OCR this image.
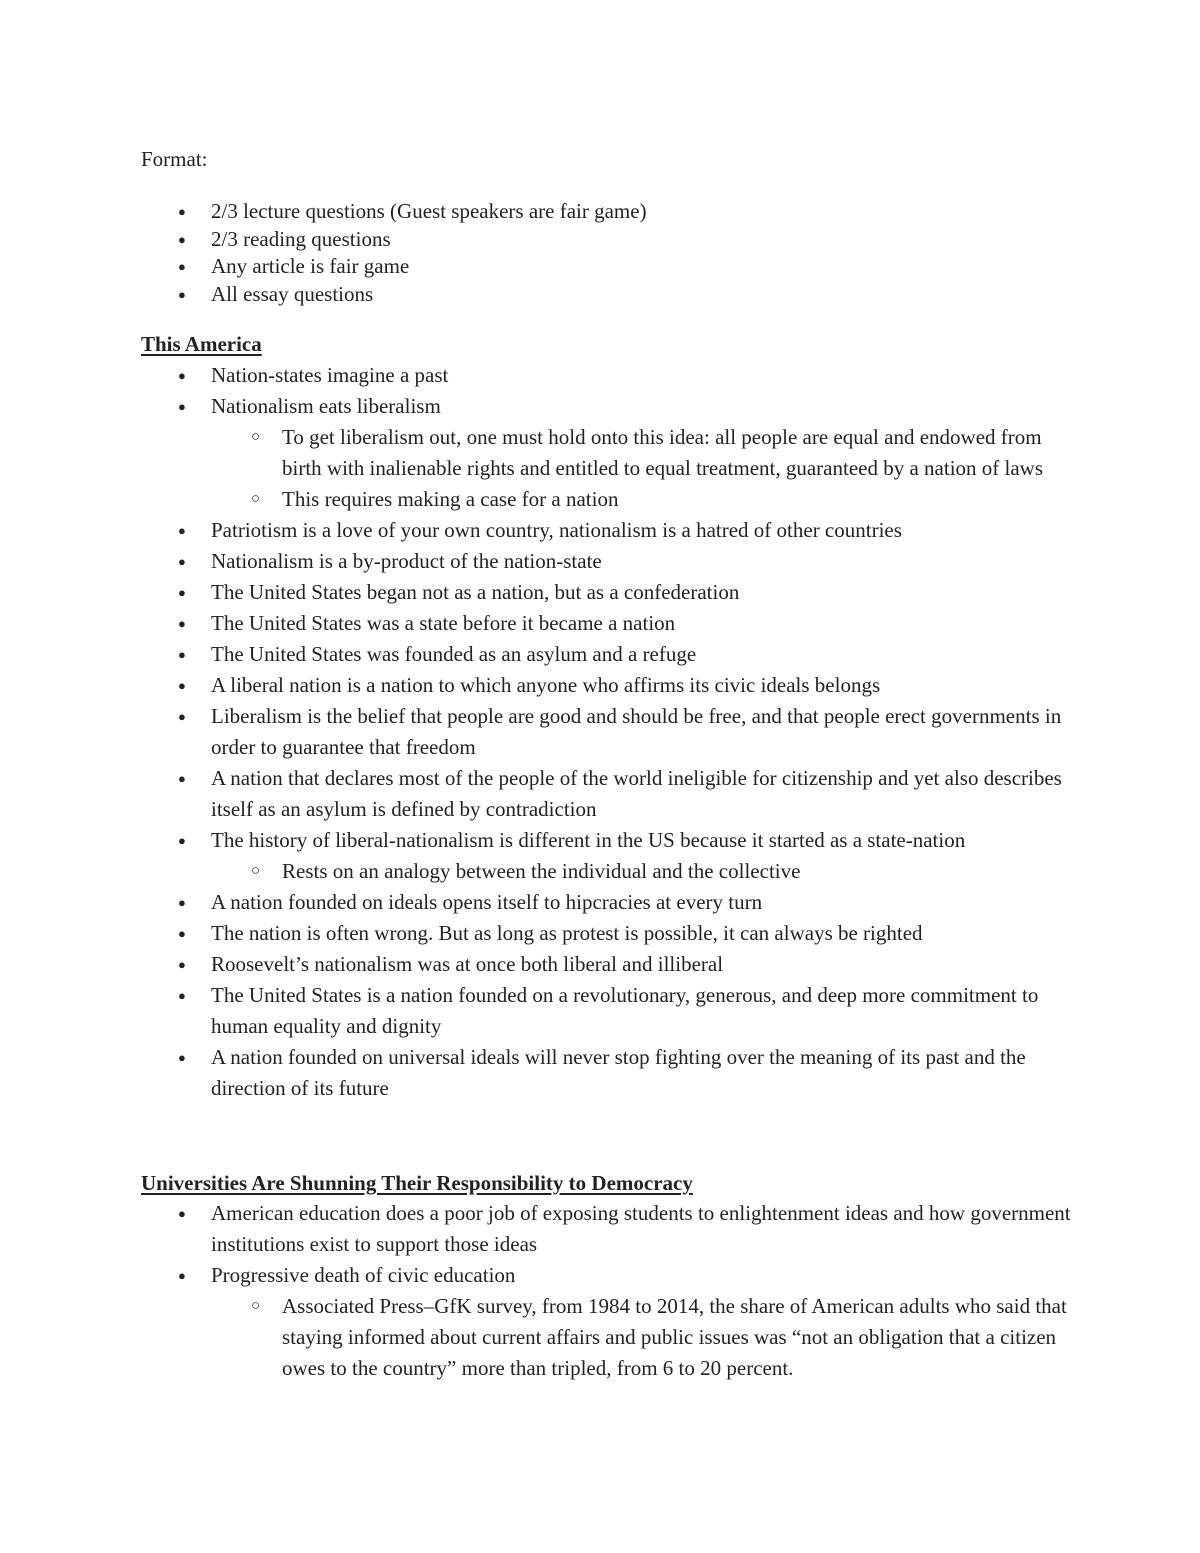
Format:

● 2/3 lecture questions (Guest speakers are fair game)
● 2/3 reading questions
● Any article is fair game
● All essay questions
This America
● Nation-states imagine a past
● Nationalism eats liberalism
○ To get liberalism out, one must hold onto this idea: all people are equal and endowed from birth with inalienable rights and entitled to equal treatment, guaranteed by a nation of laws
○ This requires making a case for a nation
● Patriotism is a love of your own country, nationalism is a hatred of other countries
● Nationalism is a by-product of the nation-state
● The United States began not as a nation, but as a confederation
● The United States was a state before it became a nation
● The United States was founded as an asylum and a refuge
● A liberal nation is a nation to which anyone who affirms its civic ideals belongs
● Liberalism is the belief that people are good and should be free, and that people erect governments in order to guarantee that freedom
● A nation that declares most of the people of the world ineligible for citizenship and yet also describes itself as an asylum is defined by contradiction
● The history of liberal-nationalism is different in the US because it started as a state-nation
○ Rests on an analogy between the individual and the collective
● A nation founded on ideals opens itself to hipcracies at every turn
● The nation is often wrong. But as long as protest is possible, it can always be righted
● Roosevelt’s nationalism was at once both liberal and illiberal
● The United States is a nation founded on a revolutionary, generous, and deep more commitment to human equality and dignity
● A nation founded on universal ideals will never stop fighting over the meaning of its past and the direction of its future
Universities Are Shunning Their Responsibility to Democracy
● American education does a poor job of exposing students to enlightenment ideas and how government institutions exist to support those ideas
● Progressive death of civic education
○ Associated Press–GfK survey, from 1984 to 2014, the share of American adults who said that staying informed about current affairs and public issues was “not an obligation that a citizen owes to the country” more than tripled, from 6 to 20 percent.
